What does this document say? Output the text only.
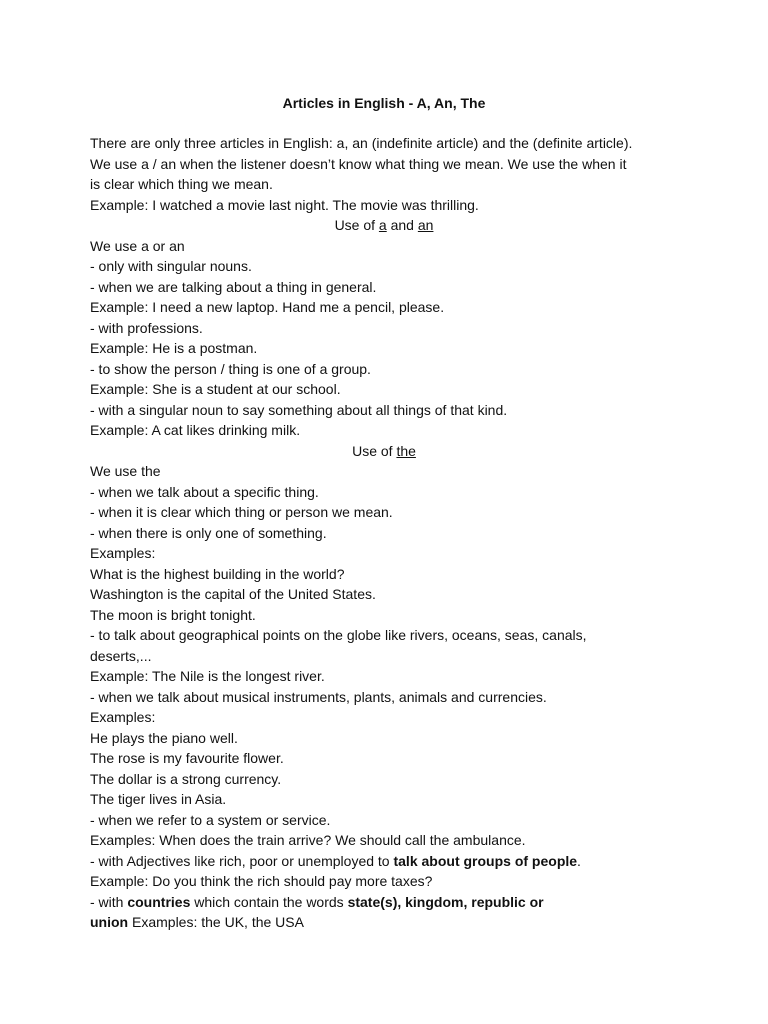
Articles in English - A, An, The
There are only three articles in English: a, an (indefinite article) and the (definite article).
We use a / an when the listener doesn’t know what thing we mean. We use the when it
is clear which thing we mean.
Example: I watched a movie last night. The movie was thrilling.
Use of a and an
We use a or an
- only with singular nouns.
- when we are talking about a thing in general.
Example: I need a new laptop. Hand me a pencil, please.
- with professions.
Example: He is a postman.
- to show the person / thing is one of a group.
Example: She is a student at our school.
- with a singular noun to say something about all things of that kind.
Example: A cat likes drinking milk.
Use of the
We use the
- when we talk about a specific thing.
- when it is clear which thing or person we mean.
- when there is only one of something.
Examples:
What is the highest building in the world?
Washington is the capital of the United States.
The moon is bright tonight.
- to talk about geographical points on the globe like rivers, oceans, seas, canals,
deserts,...
Example: The Nile is the longest river.
- when we talk about musical instruments, plants, animals and currencies.
Examples:
He plays the piano well.
The rose is my favourite flower.
The dollar is a strong currency.
The tiger lives in Asia.
- when we refer to a system or service.
Examples: When does the train arrive? We should call the ambulance.
- with Adjectives like rich, poor or unemployed to talk about groups of people.
Example: Do you think the rich should pay more taxes?
- with countries which contain the words state(s), kingdom, republic or
union Examples: the UK, the USA
